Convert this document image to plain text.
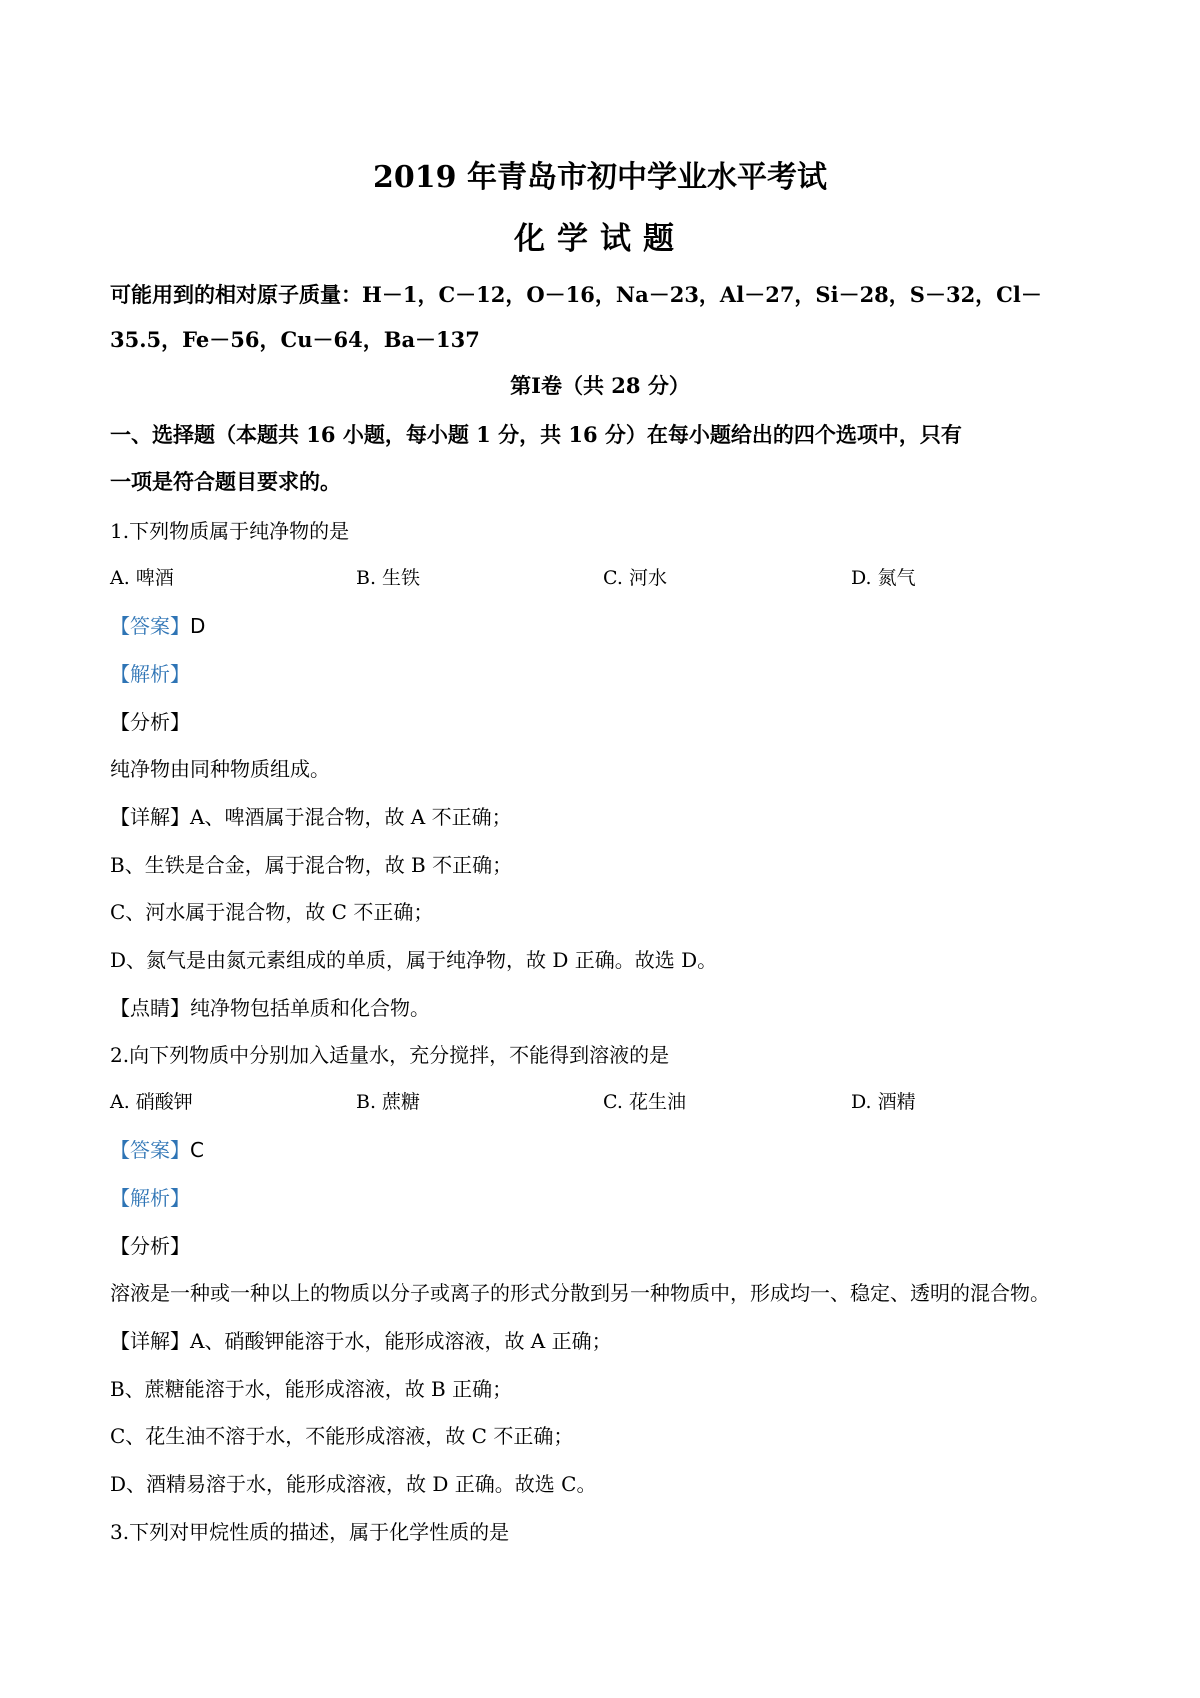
2019 年青岛市初中学业水平考试
化学试题
可能用到的相对原子质量：H－1，C－12，O－16，Na－23，Al－27，Si－28，S－32，Cl－
35.5，Fe－56，Cu－64，Ba－137
第Ⅰ卷（共 28 分）
一、选择题（本题共 16 小题，每小题 1 分，共 16 分）在每小题给出的四个选项中，只有
一项是符合题目要求的。
1.下列物质属于纯净物的是
A. 啤酒	B. 生铁	C. 河水	D. 氮气
【答案】D
【解析】
【分析】
纯净物由同种物质组成。
【详解】A、啤酒属于混合物，故 A 不正确；
B、生铁是合金，属于混合物，故 B 不正确；
C、河水属于混合物，故 C 不正确；
D、氮气是由氮元素组成的单质，属于纯净物，故 D 正确。故选 D。
【点睛】纯净物包括单质和化合物。
2.向下列物质中分别加入适量水，充分搅拌，不能得到溶液的是
A. 硝酸钾	B. 蔗糖	C. 花生油	D. 酒精
【答案】C
【解析】
【分析】
溶液是一种或一种以上的物质以分子或离子的形式分散到另一种物质中，形成均一、稳定、透明的混合物。
【详解】A、硝酸钾能溶于水，能形成溶液，故 A 正确；
B、蔗糖能溶于水，能形成溶液，故 B 正确；
C、花生油不溶于水，不能形成溶液，故 C 不正确；
D、酒精易溶于水，能形成溶液，故 D 正确。故选 C。
3.下列对甲烷性质的描述，属于化学性质的是
